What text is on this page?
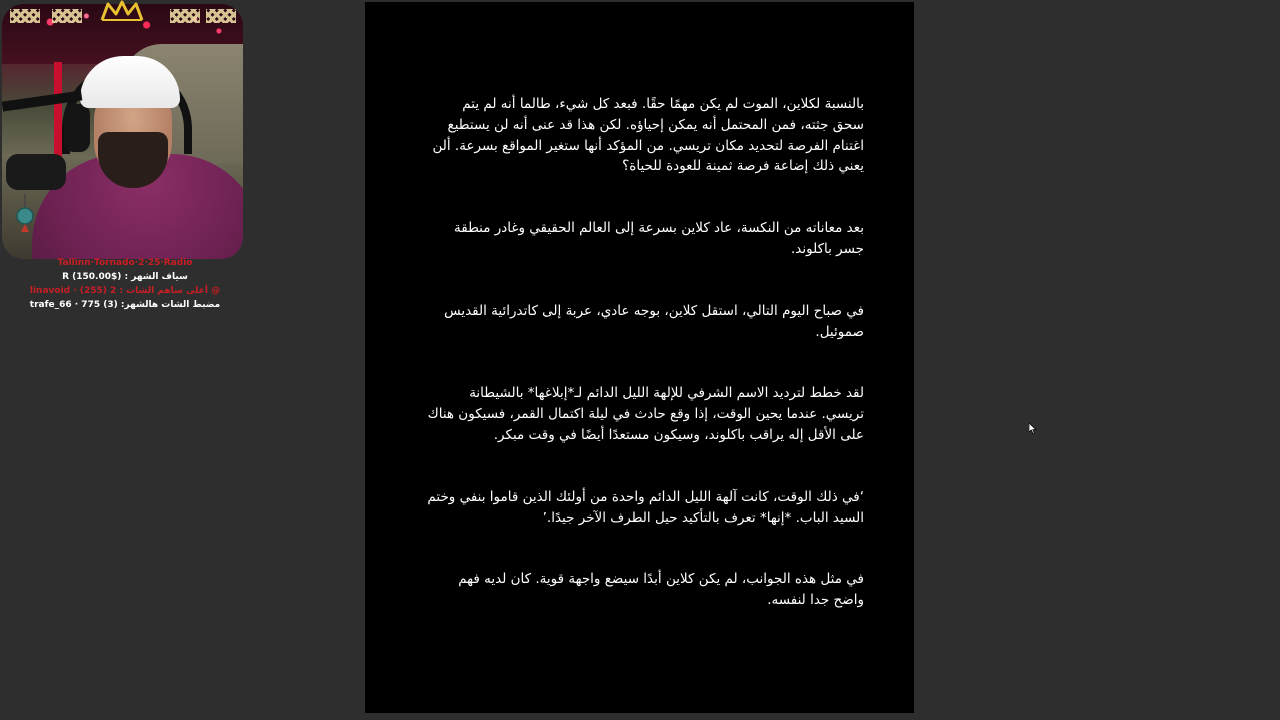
Tallinn·Tornado·2·25·Radio
سياف الشهر : ($150.00) R
@ أعلى ساهم الشات : 2 (255) · linavoid
مضبط الشات هالشهر: (3) trafe_66 · 775

بالنسبة لكلاين، الموت لم يكن مهمًا حقًا. فبعد كل شيء، طالما أنه لم يتم سحق جثته، فمن المحتمل أنه يمكن إحياؤه. لكن هذا قد عنى أنه لن يستطيع اغتنام الفرصة لتحديد مكان تريسي. من المؤكد أنها ستغير المواقع بسرعة. ألن يعني ذلك إضاعة فرصة ثمينة للعودة للحياة؟

بعد معاناته من النكسة، عاد كلاين بسرعة إلى العالم الحقيقي وغادر منطقة جسر باكلوند.

في صباح اليوم التالي، استقل كلاين، بوجه عادي، عربة إلى كاتدرائية القديس صموئيل.

لقد خطط لترديد الاسم الشرفي للإلهة الليل الدائم لـ*إبلاغها* بالشيطانة تريسي. عندما يحين الوقت، إذا وقع حادث في ليلة اكتمال القمر، فسيكون هناك على الأقل إله يراقب باكلوند، وسيكون مستعدًا أيضًا في وقت مبكر.

‘في ذلك الوقت، كانت آلهة الليل الدائم واحدة من أولئك الذين قاموا بنفي وختم السيد الباب. *إنها* تعرف بالتأكيد حيل الطرف الآخر جيدًا.’

في مثل هذه الجوانب، لم يكن كلاين أبدًا سيضع واجهة قوية. كان لديه فهم واضح جدا لنفسه.
